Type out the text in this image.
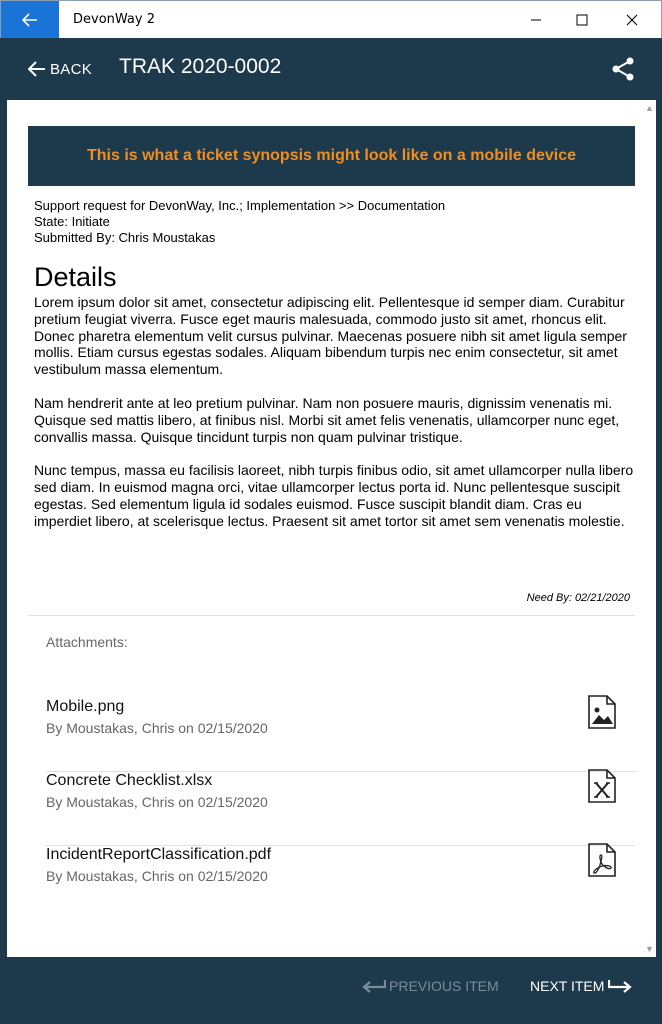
DevonWay 2
BACK TRAK 2020-0002
This is what a ticket synopsis might look like on a mobile device
Support request for DevonWay, Inc.; Implementation >> Documentation
State: Initiate
Submitted By: Chris Moustakas
Details

Lorem ipsum dolor sit amet, consectetur adipiscing elit. Pellentesque id semper diam. Curabitur pretium feugiat viverra. Fusce eget mauris malesuada, commodo justo sit amet, rhoncus elit. Donec pharetra elementum velit cursus pulvinar. Maecenas posuere nibh sit amet ligula semper mollis. Etiam cursus egestas sodales. Aliquam bibendum turpis nec enim consectetur, sit amet vestibulum massa elementum.

Nam hendrerit ante at leo pretium pulvinar. Nam non posuere mauris, dignissim venenatis mi. Quisque sed mattis libero, at finibus nisl. Morbi sit amet felis venenatis, ullamcorper nunc eget, convallis massa. Quisque tincidunt turpis non quam pulvinar tristique.

Nunc tempus, massa eu facilisis laoreet, nibh turpis finibus odio, sit amet ullamcorper nulla libero sed diam. In euismod magna orci, vitae ullamcorper lectus porta id. Nunc pellentesque suscipit egestas. Sed elementum ligula id sodales euismod. Fusce suscipit blandit diam. Cras eu imperdiet libero, at scelerisque lectus. Praesent sit amet tortor sit amet sem venenatis molestie.

Need By: 02/21/2020
Attachments:
Mobile.png
By Moustakas, Chris on 02/15/2020
Concrete Checklist.xlsx
By Moustakas, Chris on 02/15/2020
IncidentReportClassification.pdf
By Moustakas, Chris on 02/15/2020
▲
▼
PREVIOUS ITEM NEXT ITEM
